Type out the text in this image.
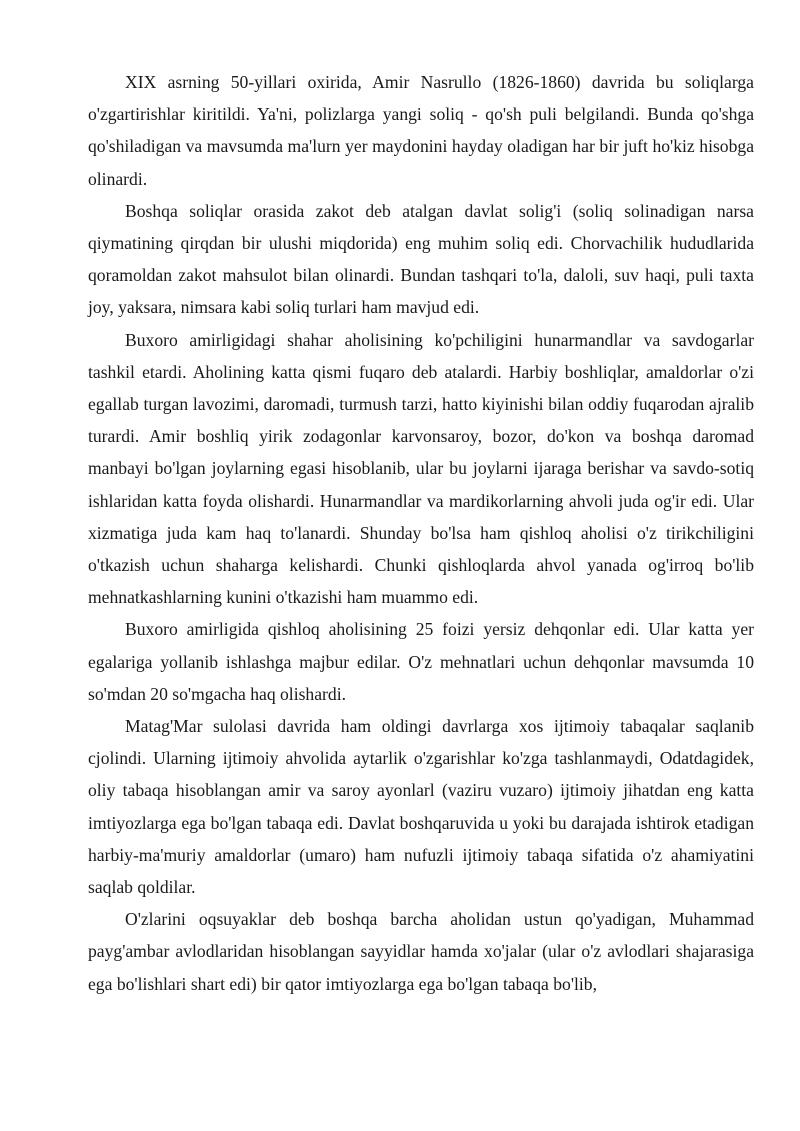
XIX asrning 50-yillari oxirida, Amir Nasrullo (1826-1860) davrida bu soliqlarga o'zgartirishlar kiritildi. Ya'ni, polizlarga yangi soliq - qo'sh puli belgilandi. Bunda qo'shga qo'shiladigan va mavsumda ma'lurn yer maydonini hayday oladigan har bir juft ho'kiz hisobga olinardi.

Boshqa soliqlar orasida zakot deb atalgan davlat solig'i (soliq solinadigan narsa qiymatining qirqdan bir ulushi miqdorida) eng muhim soliq edi. Chorvachilik hududlarida qoramoldan zakot mahsulot bilan olinardi. Bundan tashqari to'la, daloli, suv haqi, puli taxta joy, yaksara, nimsara kabi soliq turlari ham mavjud edi.

Buxoro amirligidagi shahar aholisining ko'pchiligini hunarmandlar va savdogarlar tashkil etardi. Aholining katta qismi fuqaro deb atalardi. Harbiy boshliqlar, amaldorlar o'zi egallab turgan lavozimi, daromadi, turmush tarzi, hatto kiyinishi bilan oddiy fuqarodan ajralib turardi. Amir boshliq yirik zodagonlar karvonsaroy, bozor, do'kon va boshqa daromad manbayi bo'lgan joylarning egasi hisoblanib, ular bu joylarni ijaraga berishar va savdo-sotiq ishlaridan katta foyda olishardi. Hunarmandlar va mardikorlarning ahvoli juda og'ir edi. Ular xizmatiga juda kam haq to'lanardi. Shunday bo'lsa ham qishloq aholisi o'z tirikchiligini o'tkazish uchun shaharga kelishardi. Chunki qishloqlarda ahvol yanada og'irroq bo'lib mehnatkashlarning kunini o'tkazishi ham muammo edi.

Buxoro amirligida qishloq aholisining 25 foizi yersiz dehqonlar edi. Ular katta yer egalariga yollanib ishlashga majbur edilar. O'z mehnatlari uchun dehqonlar mavsumda 10 so'mdan 20 so'mgacha haq olishardi.

Matag'Mar sulolasi davrida ham oldingi davrlarga xos ijtimoiy tabaqalar saqlanib cjolindi. Ularning ijtimoiy ahvolida aytarlik o'zgarishlar ko'zga tashlanmaydi, Odatdagidek, oliy tabaqa hisoblangan amir va saroy ayonlarl (vaziru vuzaro) ijtimoiy jihatdan eng katta imtiyozlarga ega bo'lgan tabaqa edi. Davlat boshqaruvida u yoki bu darajada ishtirok etadigan harbiy-ma'muriy amaldorlar (umaro) ham nufuzli ijtimoiy tabaqa sifatida o'z ahamiyatini saqlab qoldilar.

O'zlarini oqsuyaklar deb boshqa barcha aholidan ustun qo'yadigan, Muhammad payg'ambar avlodlaridan hisoblangan sayyidlar hamda xo'jalar (ular o'z avlodlari shajarasiga ega bo'lishlari shart edi) bir qator imtiyozlarga ega bo'lgan tabaqa bo'lib,
